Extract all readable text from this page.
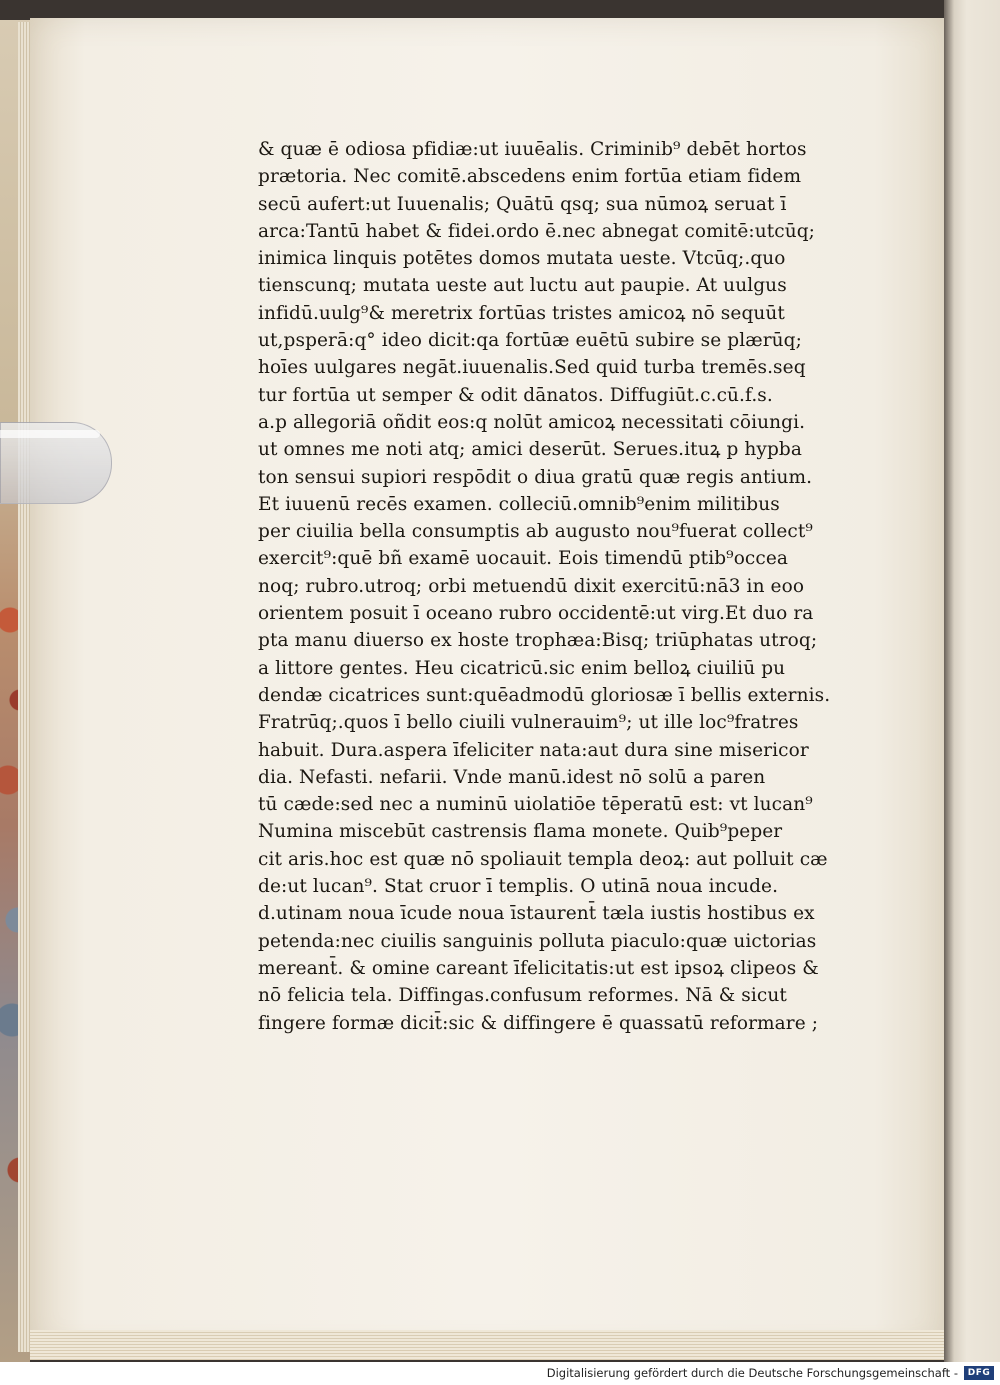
& quæ ē odiosa pfidiæ:ut iuuēalis. Criminib⁹ debēt hortos
prætoria. Nec comitē.abscedens enim fortūa etiam fidem
secū aufert:ut Iuuenalis; Quātū qsq; sua nūmoꝝ seruat ī
arca:Tantū habet & fidei.ordo ē.nec abnegat comitē:utcūq;
inimica linquis potētes domos mutata ueste. Vtcūq;.quo
tienscunq; mutata ueste aut luctu aut paupie. At uulgus
infidū.uulg⁹& meretrix fortūas tristes amicoꝝ nō sequūt
ut,psperā:q° ideo dicit:qa fortūæ euētū subire se plærūq;
hoīes uulgares negāt.iuuenalis.Sed quid turba tremēs.seq
tur fortūa ut semper & odit dānatos. Diffugiūt.c.cū.f.s.
a.p allegoriā oñdit eos:q nolūt amicoꝝ necessitati cōiungi.
ut omnes me noti atq; amici deserūt. Serues.ituꝝ p hypba
ton sensui supiori respōdit o diua gratū quæ regis antium.
Et iuuenū recēs examen. colleciū.omnib⁹enim militibus
per ciuilia bella consumptis ab augusto nou⁹fuerat collect⁹
exercit⁹:quē bñ examē uocauit. Eois timendū ptib⁹occea
noq; rubro.utroq; orbi metuendū dixit exercitū:nā3 in eoo
orientem posuit ī oceano rubro occidentē:ut virg.Et duo ra
pta manu diuerso ex hoste trophæa:Bisq; triūphatas utroq;
a littore gentes. Heu cicatricū.sic enim belloꝝ ciuiliū pu
dendæ cicatrices sunt:quēadmodū gloriosæ ī bellis externis.
Fratrūq;.quos ī bello ciuili vulnerauim⁹; ut ille loc⁹fratres
habuit. Dura.aspera īfeliciter nata:aut dura sine misericor
dia. Nefasti. nefarii. Vnde manū.idest nō solū a paren
tū cæde:sed nec a numinū uiolatiōe tēperatū est: vt lucan⁹
Numina miscebūt castrensis flama monete. Quib⁹peper
cit aris.hoc est quæ nō spoliauit templa deoꝝ: aut polluit cæ
de:ut lucan⁹. Stat cruor ī templis. O utinā noua incude.
d.utinam noua īcude noua īstaurent̄ tæla iustis hostibus ex
petenda:nec ciuilis sanguinis polluta piaculo:quæ uictorias
mereant̄. & omine careant īfelicitatis:ut est ipsoꝝ clipeos &
nō felicia tela. Diffingas.confusum reformes. Nā & sicut
fingere formæ dicit̄:sic & diffingere ē quassatū reformare ;
Digitalisierung gefördert durch die Deutsche Forschungsgemeinschaft -	DFG
